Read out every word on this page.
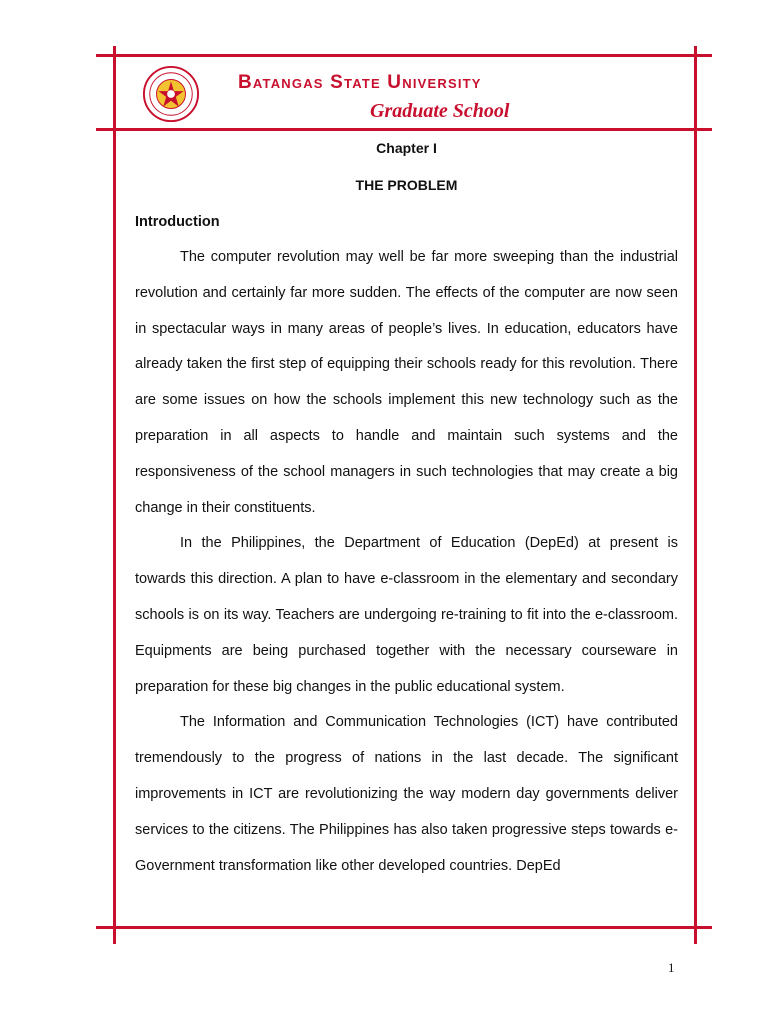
Batangas State University
Graduate School

Chapter I

THE PROBLEM

Introduction

The computer revolution may well be far more sweeping than the industrial revolution and certainly far more sudden. The effects of the computer are now seen in spectacular ways in many areas of people’s lives. In education, educators have already taken the first step of equipping their schools ready for this revolution. There are some issues on how the schools implement this new technology such as the preparation in all aspects to handle and maintain such systems and the responsiveness of the school managers in such technologies that may create a big change in their constituents.

In the Philippines, the Department of Education (DepEd) at present is towards this direction. A plan to have e-classroom in the elementary and secondary schools is on its way. Teachers are undergoing re-training to fit into the e-classroom. Equipments are being purchased together with the necessary courseware in preparation for these big changes in the public educational system.

The Information and Communication Technologies (ICT) have contributed tremendously to the progress of nations in the last decade. The significant improvements in ICT are revolutionizing the way modern day governments deliver services to the citizens. The Philippines has also taken progressive steps towards e-Government transformation like other developed countries. DepEd

1
